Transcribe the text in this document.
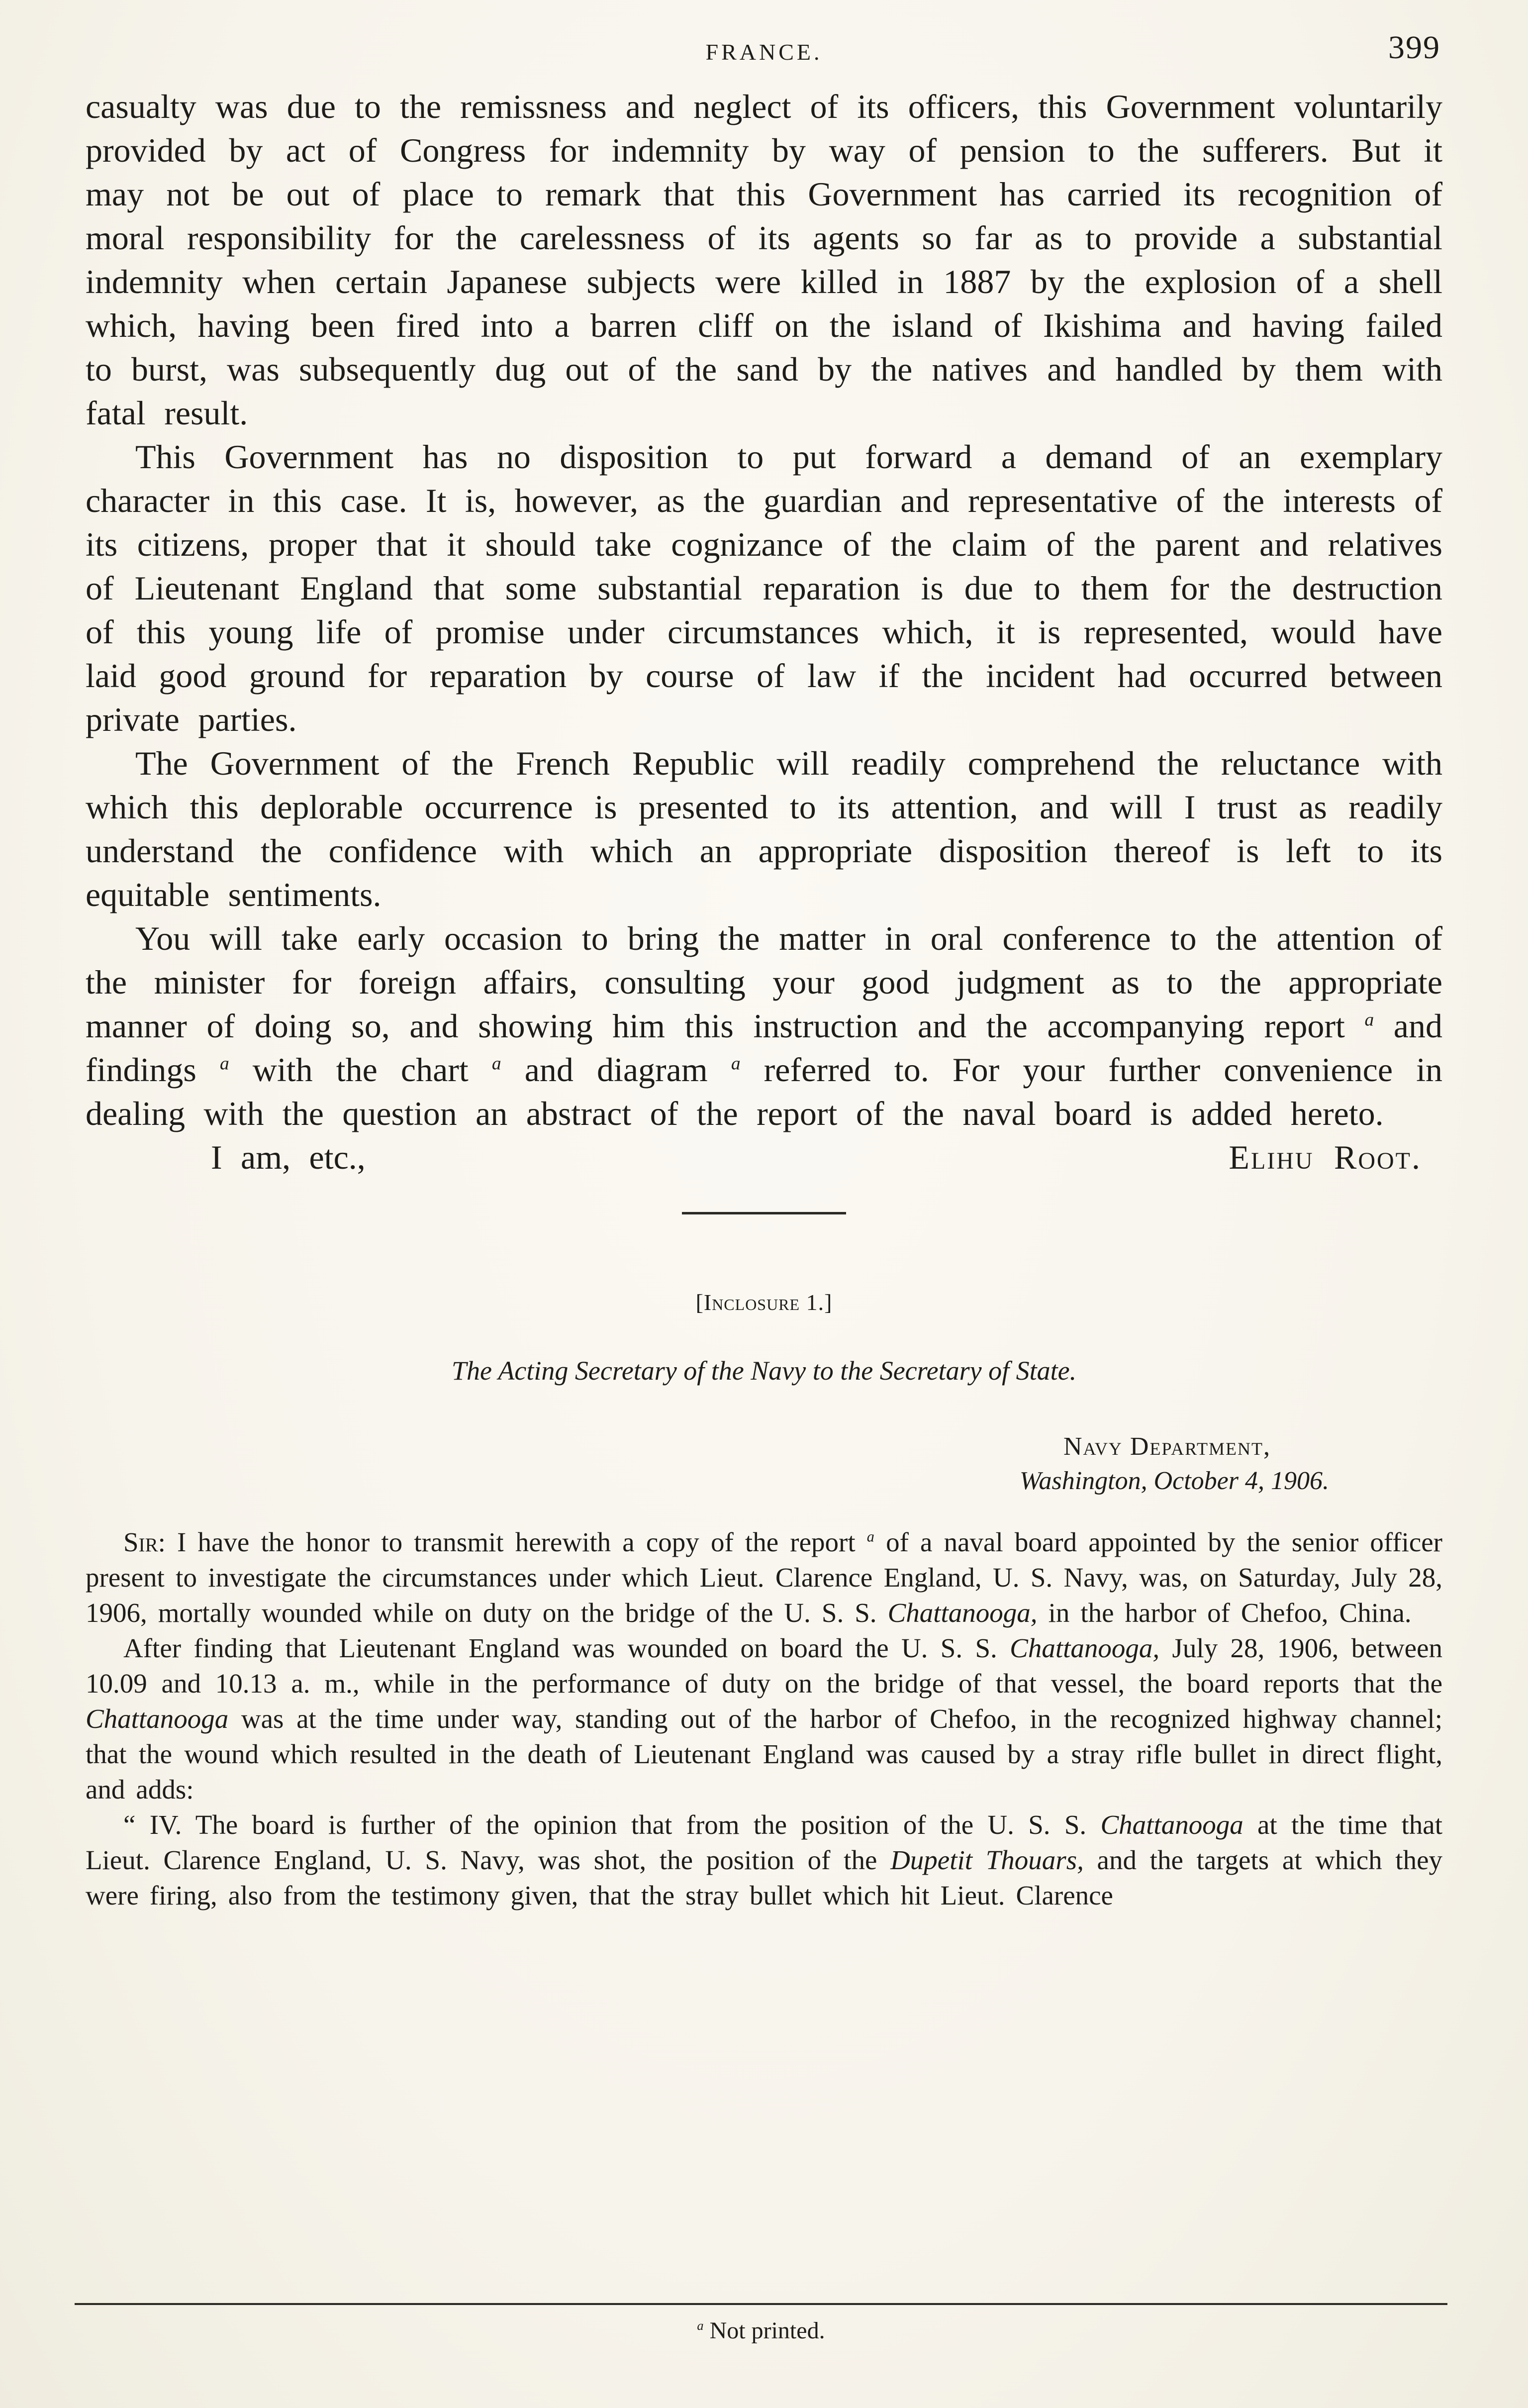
FRANCE.	399

casualty was due to the remissness and neglect of its officers, this Government voluntarily provided by act of Congress for indemnity by way of pension to the sufferers. But it may not be out of place to remark that this Government has carried its recognition of moral responsibility for the carelessness of its agents so far as to provide a substantial indemnity when certain Japanese subjects were killed in 1887 by the explosion of a shell which, having been fired into a barren cliff on the island of Ikishima and having failed to burst, was subsequently dug out of the sand by the natives and handled by them with fatal result.

This Government has no disposition to put forward a demand of an exemplary character in this case. It is, however, as the guardian and representative of the interests of its citizens, proper that it should take cognizance of the claim of the parent and relatives of Lieutenant England that some substantial reparation is due to them for the destruction of this young life of promise under circumstances which, it is represented, would have laid good ground for reparation by course of law if the incident had occurred between private parties.

The Government of the French Republic will readily comprehend the reluctance with which this deplorable occurrence is presented to its attention, and will I trust as readily understand the confidence with which an appropriate disposition thereof is left to its equitable sentiments.

You will take early occasion to bring the matter in oral conference to the attention of the minister for foreign affairs, consulting your good judgment as to the appropriate manner of doing so, and showing him this instruction and the accompanying report $^a$ and findings $^a$ with the chart $^a$ and diagram $^a$ referred to. For your further convenience in dealing with the question an abstract of the report of the naval board is added hereto.

I am, etc.,	Elihu Root.
[Inclosure 1.]
The Acting Secretary of the Navy to the Secretary of State.
Navy Department,
Washington, October 4, 1906.

Sir: I have the honor to transmit herewith a copy of the report $^a$ of a naval board appointed by the senior officer present to investigate the circumstances under which Lieut. Clarence England, U. S. Navy, was, on Saturday, July 28, 1906, mortally wounded while on duty on the bridge of the U. S. S. Chattanooga, in the harbor of Chefoo, China.

After finding that Lieutenant England was wounded on board the U. S. S. Chattanooga, July 28, 1906, between 10.09 and 10.13 a. m., while in the performance of duty on the bridge of that vessel, the board reports that the Chattanooga was at the time under way, standing out of the harbor of Chefoo, in the recognized highway channel; that the wound which resulted in the death of Lieutenant England was caused by a stray rifle bullet in direct flight, and adds:

“ IV. The board is further of the opinion that from the position of the U. S. S. Chattanooga at the time that Lieut. Clarence England, U. S. Navy, was shot, the position of the Dupetit Thouars, and the targets at which they were firing, also from the testimony given, that the stray bullet which hit Lieut. Clarence

$^a$ Not printed.
